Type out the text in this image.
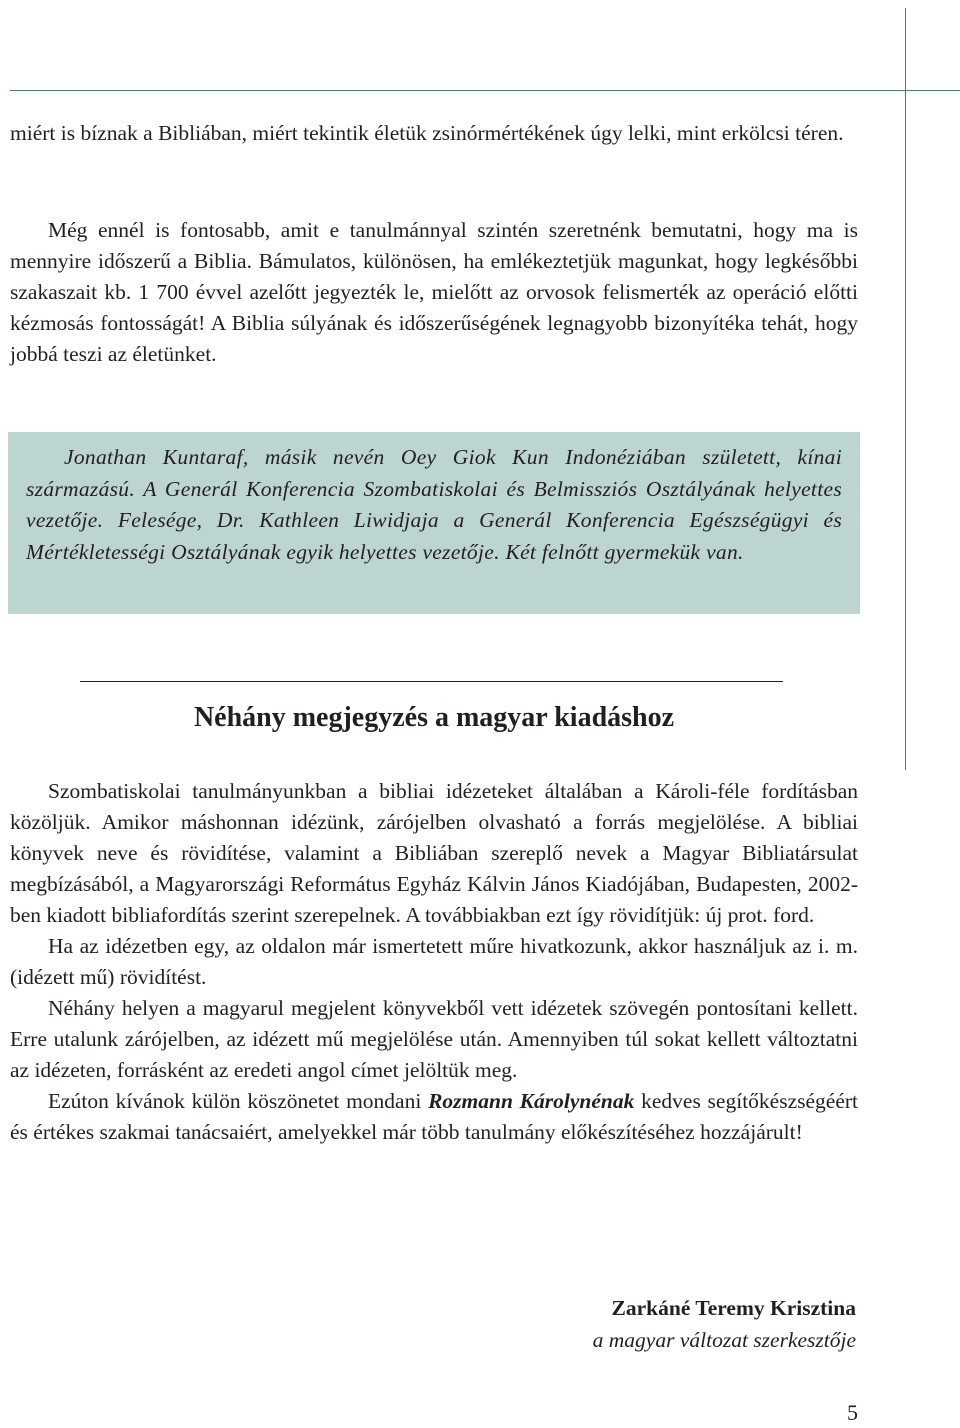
miért is bíznak a Bibliában, miért tekintik életük zsinórmértékének úgy lelki, mint erkölcsi téren.

Még ennél is fontosabb, amit e tanulmánnyal szintén szeretnénk bemutatni, hogy ma is mennyire időszerű a Biblia. Bámulatos, különösen, ha emlékeztetjük magunkat, hogy legkésőbbi szakaszait kb. 1 700 évvel azelőtt jegyezték le, mielőtt az orvosok felismerték az operáció előtti kézmosás fontosságát! A Biblia súlyának és időszerűségének legnagyobb bizonyítéka tehát, hogy jobbá teszi az életünket.

Jonathan Kuntaraf, másik nevén Oey Giok Kun Indonéziában született, kínai származású. A Generál Konferencia Szombatiskolai és Belmissziós Osztályának helyettes vezetője. Felesége, Dr. Kathleen Liwidjaja a Generál Konferencia Egészségügyi és Mértékletességi Osztályának egyik helyettes vezetője. Két felnőtt gyermekük van.

Néhány megjegyzés a magyar kiadáshoz

Szombatiskolai tanulmányunkban a bibliai idézeteket általában a Károli-féle fordításban közöljük. Amikor máshonnan idézünk, zárójelben olvasható a forrás megjelölése. A bibliai könyvek neve és rövidítése, valamint a Bibliában szereplő nevek a Magyar Bibliatársulat megbízásából, a Magyarországi Református Egyház Kálvin János Kiadójában, Budapesten, 2002-ben kiadott bibliafordítás szerint szerepelnek. A továbbiakban ezt így rövidítjük: új prot. ford.

Ha az idézetben egy, az oldalon már ismertetett műre hivatkozunk, akkor használjuk az i. m. (idézett mű) rövidítést.

Néhány helyen a magyarul megjelent könyvekből vett idézetek szövegén pontosítani kellett. Erre utalunk zárójelben, az idézett mű megjelölése után. Amennyiben túl sokat kellett változtatni az idézeten, forrásként az eredeti angol címet jelöltük meg.

Ezúton kívánok külön köszönetet mondani Rozmann Károlynénak kedves segítőkészségéért és értékes szakmai tanácsaiért, amelyekkel már több tanulmány előkészítéséhez hozzájárult!

Zarkáné Teremy Krisztina

a magyar változat szerkesztője

5
